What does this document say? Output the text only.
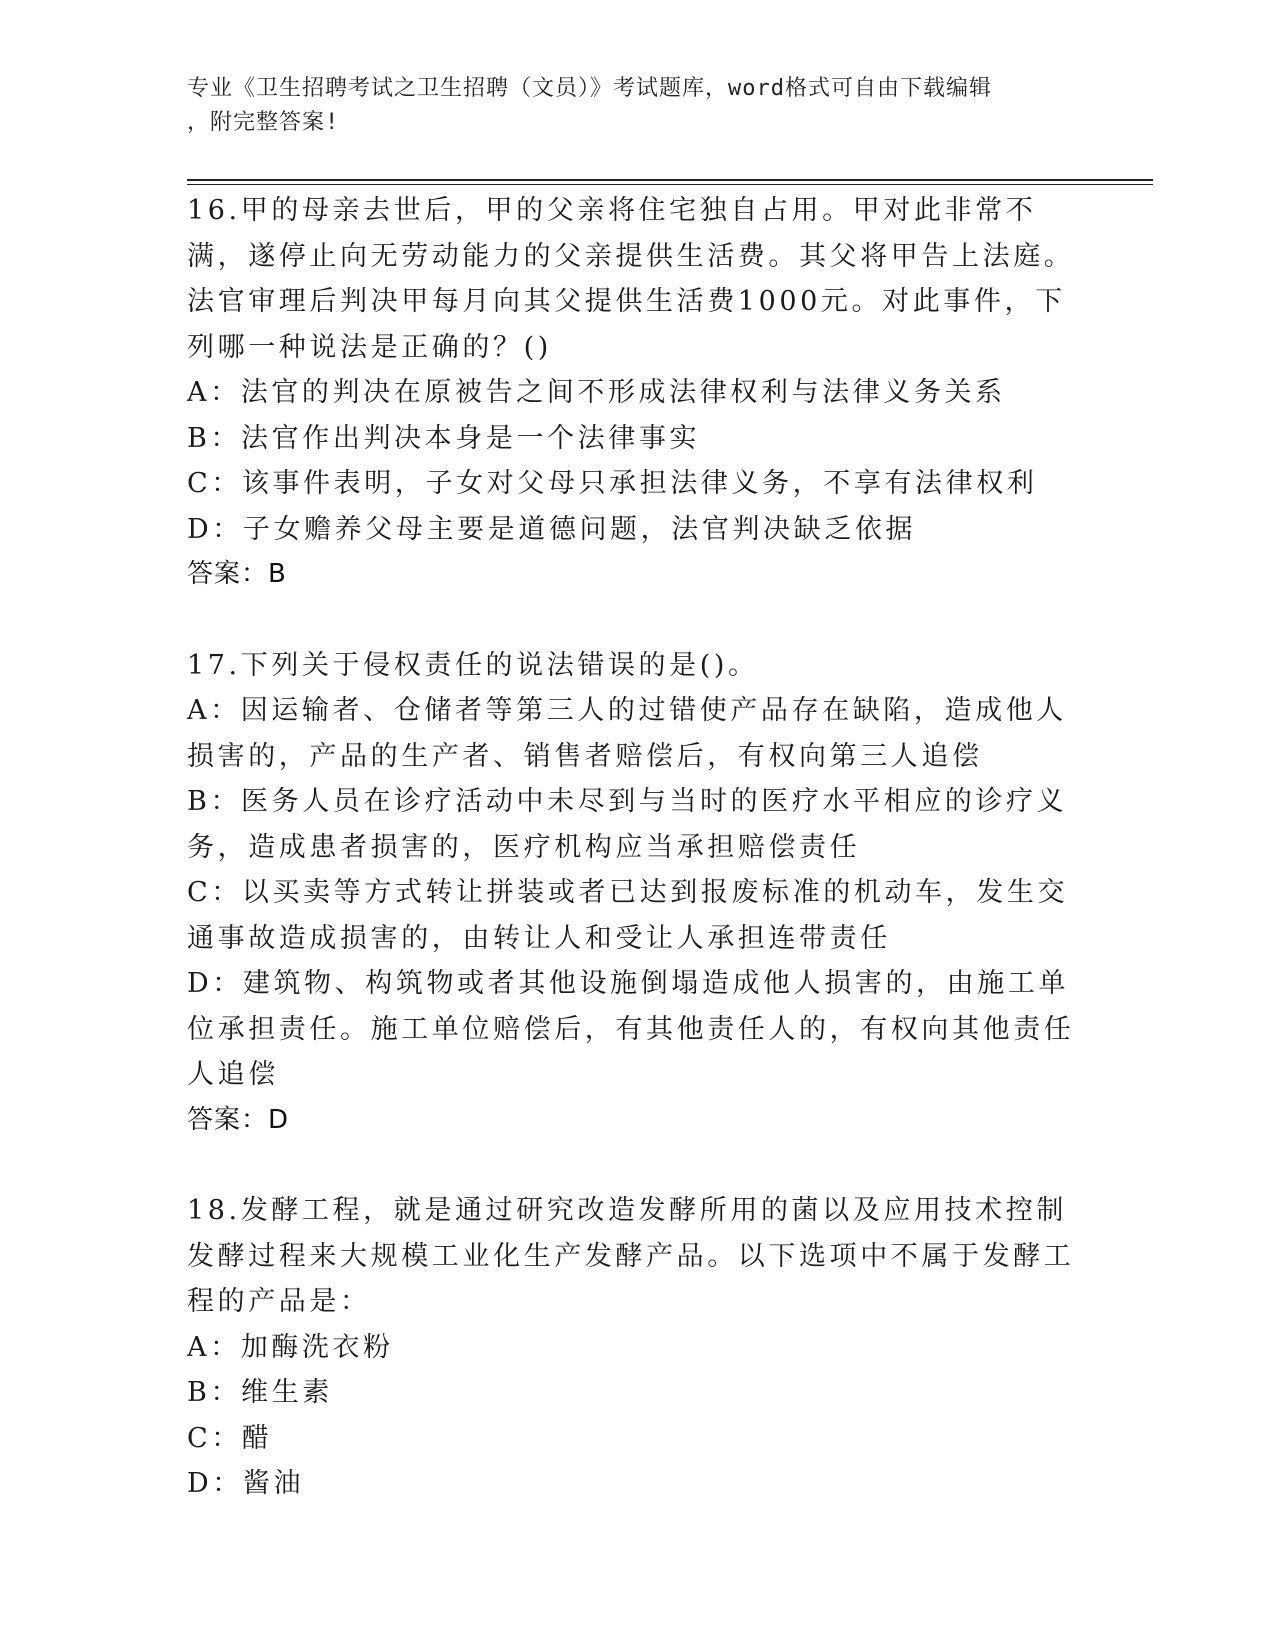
专业《卫生招聘考试之卫生招聘（文员）》考试题库，word格式可自由下载编辑
，附完整答案!

16.甲的母亲去世后，甲的父亲将住宅独自占用。甲对此非常不满，遂停止向无劳动能力的父亲提供生活费。其父将甲告上法庭。法官审理后判决甲每月向其父提供生活费1000元。对此事件，下列哪一种说法是正确的？()

A：法官的判决在原被告之间不形成法律权利与法律义务关系

B：法官作出判决本身是一个法律事实

C：该事件表明，子女对父母只承担法律义务，不享有法律权利

D：子女赡养父母主要是道德问题，法官判决缺乏依据

答案：B

17.下列关于侵权责任的说法错误的是()。

A：因运输者、仓储者等第三人的过错使产品存在缺陷，造成他人损害的，产品的生产者、销售者赔偿后，有权向第三人追偿

B：医务人员在诊疗活动中未尽到与当时的医疗水平相应的诊疗义务，造成患者损害的，医疗机构应当承担赔偿责任

C：以买卖等方式转让拼装或者已达到报废标准的机动车，发生交通事故造成损害的，由转让人和受让人承担连带责任

D：建筑物、构筑物或者其他设施倒塌造成他人损害的，由施工单位承担责任。施工单位赔偿后，有其他责任人的，有权向其他责任人追偿

答案：D

18.发酵工程，就是通过研究改造发酵所用的菌以及应用技术控制发酵过程来大规模工业化生产发酵产品。以下选项中不属于发酵工程的产品是：

A：加酶洗衣粉

B：维生素

C：醋

D：酱油
